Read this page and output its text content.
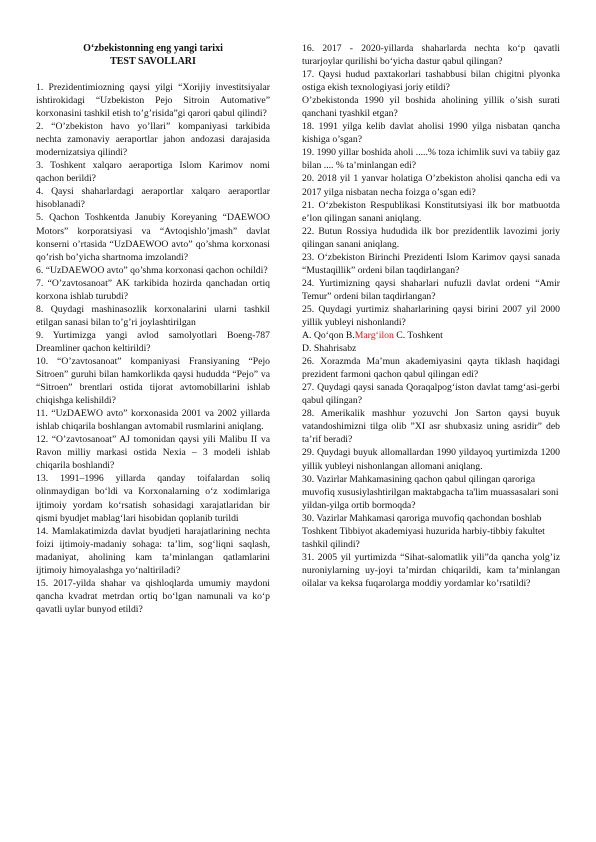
O‘zbekistonning eng yangi tarixi

TEST SAVOLLARI

1. Prezidentimiozning qaysi yilgi “Xorijiy investitsiyalar ishtirokidagi “Uzbekiston Pejo Sitroin Automative” korxonasini tashkil etish to’g’risida”gi qarori qabul qilindi?

2. “O’zbekiston havo yo’llari” kompaniyasi tarkibida nechta zamonaviy aeraportlar jahon andozasi darajasida modernizatsiya qilindi?

3. Toshkent xalqaro aeraportiga Islom Karimov nomi qachon berildi?

4. Qaysi shaharlardagi aeraportlar xalqaro aeraportlar hisoblanadi?

5. Qachon Toshkentda Janubiy Koreyaning “DAEWOO Motors” korporatsiyasi va “Avtoqishlo’jmash” davlat konserni o’rtasida “UzDAEWOO avto” qo’shma korxonasi qo’rish bo’yicha shartnoma imzolandi?

6. “UzDAEWOO avto” qo’shma korxonasi qachon ochildi?

7. “O’zavtosanoat” AK tarkibida hozirda qanchadan ortiq korxona ishlab turubdi?

8. Quydagi mashinasozlik korxonalarini ularni tashkil etilgan sanasi bilan to’g’ri joylashtirilgan

9. Yurtimizga yangi avlod samolyotlari Boeng-787 Dreamliner qachon keltirildi?

10. “O’zavtosanoat” kompaniyasi Fransiyaning “Pejo Sitroen” guruhi bilan hamkorlikda qaysi hududda “Pejo” va “Sitroen” brentlari ostida tijorat avtomobillarini ishlab chiqishga kelishildi?

11. “UzDAEWO avto” korxonasida 2001 va 2002 yillarda ishlab chiqarila boshlangan avtomabil rusmlarini aniqlang.

12. “O’zavtosanoat” AJ tomonidan qaysi yili Malibu II va Ravon milliy markasi ostida Nexia – 3 modeli ishlab chiqarila boshlandi?

13. 1991–1996 yillarda qanday toifalardan soliq olinmaydigan bo‘ldi va Korxonalarning o‘z xodimlariga ijtimoiy yordam ko‘rsatish sohasidagi xarajatlaridan bir qismi byudjet mablag‘lari hisobidan qoplanib turildi

14. Mamlakatimizda davlat byudjeti harajatlarining nechta foizi ijtimoiy-madaniy sohaga: ta’lim, sog‘liqni saqlash, madaniyat, aholining kam ta’minlangan qatlamlarini ijtimoiy himoyalashga yo‘naltiriladi?

15. 2017-yilda shahar va qishloqlarda umumiy maydoni qancha kvadrat metrdan ortiq bo‘lgan namunali va ko‘p qavatli uylar bunyod etildi?

16. 2017 - 2020-yillarda shaharlarda nechta ko‘p qavatli turarjoylar qurilishi bo‘yicha dastur qabul qilingan?

17. Qaysi hudud paxtakorlari tashabbusi bilan chigitni plyonka ostiga ekish texnologiyasi joriy etildi?

O’zbekistonda 1990 yil boshida aholining yillik o’sish surati qanchani tyashkil etgan?

18. 1991 yilga kelib davlat aholisi 1990 yilga nisbatan qancha kishiga o’sgan?

19. 1990 yillar boshida aholi .....% toza ichimlik suvi va tabiiy gaz bilan .... % ta’minlangan edi?

20. 2018 yil 1 yanvar holatiga O’zbekiston aholisi qancha edi va 2017 yilga nisbatan necha foizga o’sgan edi?

21. O‘zbekiston Respublikasi Konstitutsiyasi ilk bor matbuotda e’lon qilingan sanani aniqlang.

22. Butun Rossiya hududida ilk bor prezidentlik lavozimi joriy qilingan sanani aniqlang.

23. O‘zbekiston Birinchi Prezidenti Islom Karimov qaysi sanada “Mustaqillik” ordeni bilan taqdirlangan?

24. Yurtimizning qaysi shaharlari nufuzli davlat ordeni “Amir Temur” ordeni bilan taqdirlangan?

25. Quydagi yurtimiz shaharlarining qaysi birini 2007 yil 2000 yillik yubleyi nishonlandi?

A. Qo‘qon B.Marg‘ilon C. Toshkent

D. Shahrisabz

26. Xorazmda Ma’mun akademiyasini qayta tiklash haqidagi prezident farmoni qachon qabul qilingan edi?

27. Quydagi qaysi sanada Qoraqalpog‘iston davlat tamg‘asi-gerbi qabul qilingan?

28. Amerikalik mashhur yozuvchi Jon Sarton qaysi buyuk vatandoshimizni tilga olib ”XI asr shubxasiz uning asridir” deb ta’rif beradi?

29. Quydagi buyuk allomallardan 1990 yildayoq yurtimizda 1200 yillik yubleyi nishonlangan allomani aniqlang.

30. Vazirlar Mahkamasining qachon qabul qilingan qaroriga muvofiq xususiylashtirilgan maktabgacha ta'lim muassasalari soni yildan-yilga ortib bormoqda?

30. Vazirlar Mahkamasi qaroriga muvofiq qachondan boshlab Toshkent Tibbiyot akademiyasi huzurida harbiy-tibbiy fakultet tashkil qilindi?

31. 2005 yil yurtimizda “Sihat-salomatlik yili”da qancha yolg’iz nuroniylarning uy-joyi ta’mirdan chiqarildi, kam ta’minlangan oilalar va keksa fuqarolarga moddiy yordamlar ko’rsatildi?
